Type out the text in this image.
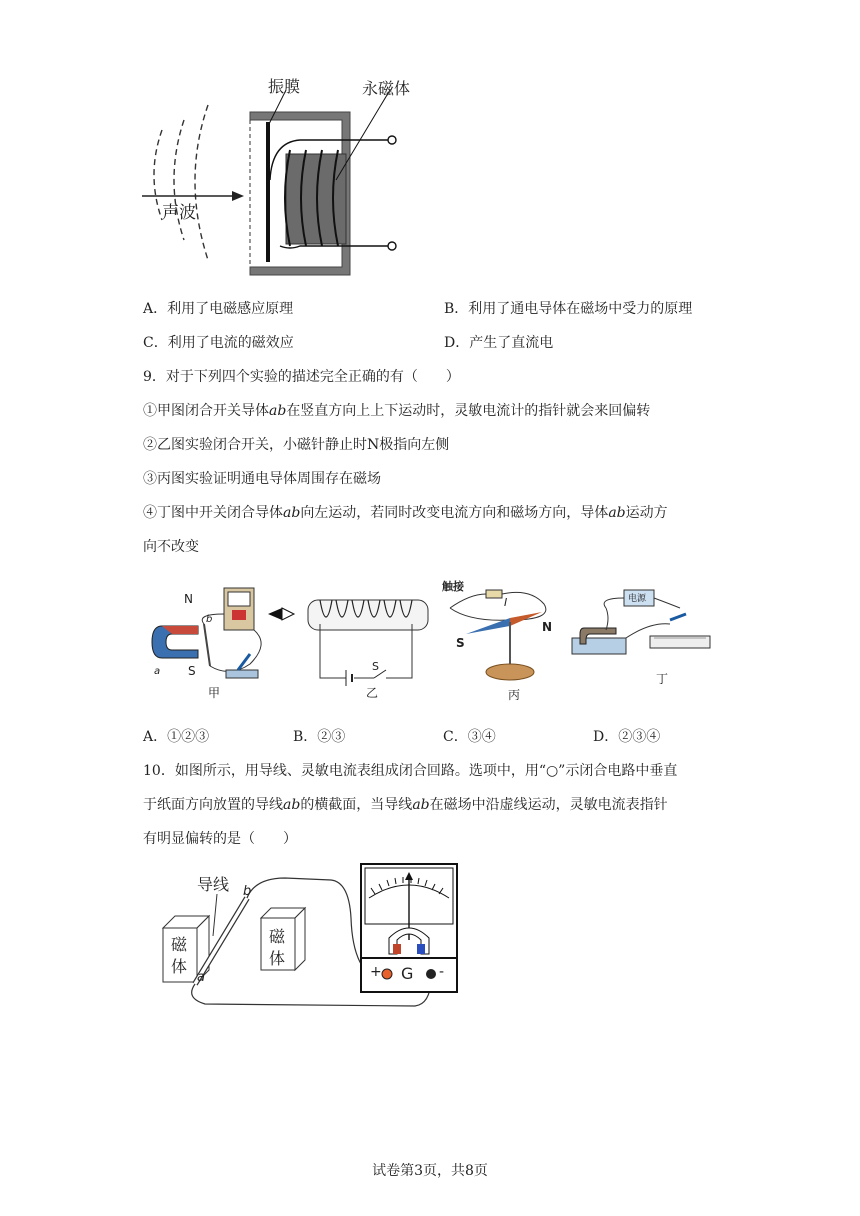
振膜	永磁体
声波
A．利用了电磁感应原理	B．利用了通电导体在磁场中受力的原理
C．利用了电流的磁效应	D．产生了直流电
9．对于下列四个实验的描述完全正确的有（　　）
①甲图闭合开关导体ab在竖直方向上上下运动时，灵敏电流计的指针就会来回偏转
②乙图实验闭合开关，小磁针静止时N极指向左侧
③丙图实验证明通电导体周围存在磁场
④丁图中开关闭合导体ab向左运动，若同时改变电流方向和磁场方向，导体ab运动方
向不改变
N
b
S
a
甲
S
乙
触接
I
S
N
丙
电源
丁
A．①②③	B．②③	C．③④	D．②③④
10．如图所示，用导线、灵敏电流表组成闭合回路。选项中，用“○”示闭合电路中垂直
于纸面方向放置的导线ab的横截面，当导线ab在磁场中沿虚线运动，灵敏电流表指针
有明显偏转的是（　　）
导线
磁
体
磁
体
a
b
+ G -
试卷第3页，共8页
